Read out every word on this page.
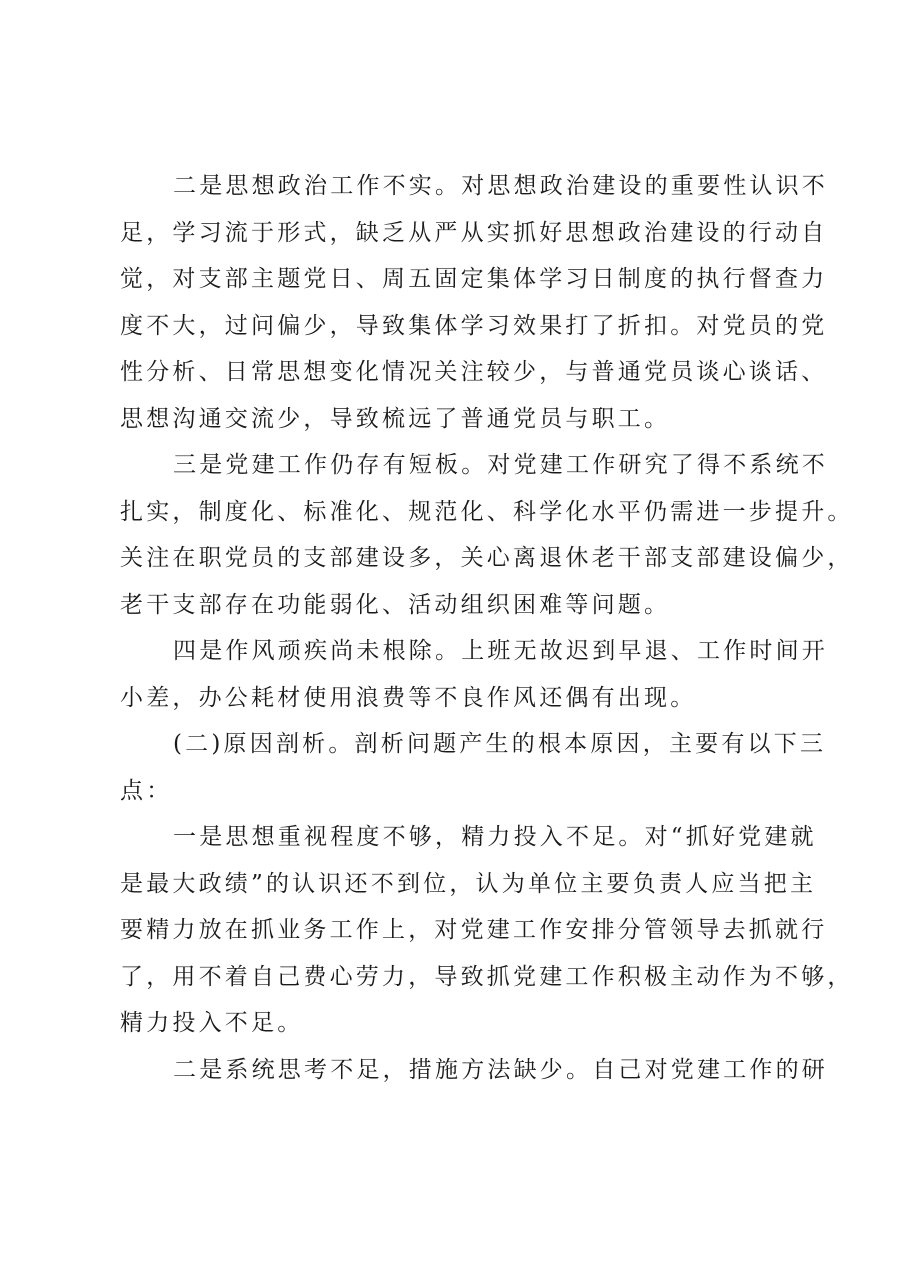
二是思想政治工作不实。对思想政治建设的重要性认识不
足，学习流于形式，缺乏从严从实抓好思想政治建设的行动自
觉，对支部主题党日、周五固定集体学习日制度的执行督查力
度不大，过问偏少，导致集体学习效果打了折扣。对党员的党
性分析、日常思想变化情况关注较少，与普通党员谈心谈话、
思想沟通交流少，导致梳远了普通党员与职工。

三是党建工作仍存有短板。对党建工作研究了得不系统不
扎实，制度化、标准化、规范化、科学化水平仍需进一步提升。
关注在职党员的支部建设多，关心离退休老干部支部建设偏少，
老干支部存在功能弱化、活动组织困难等问题。

四是作风顽疾尚未根除。上班无故迟到早退、工作时间开
小差，办公耗材使用浪费等不良作风还偶有出现。

(二)原因剖析。剖析问题产生的根本原因，主要有以下三
点：

一是思想重视程度不够，精力投入不足。对“抓好党建就
是最大政绩”的认识还不到位，认为单位主要负责人应当把主
要精力放在抓业务工作上，对党建工作安排分管领导去抓就行
了，用不着自己费心劳力，导致抓党建工作积极主动作为不够，
精力投入不足。

二是系统思考不足，措施方法缺少。自己对党建工作的研
